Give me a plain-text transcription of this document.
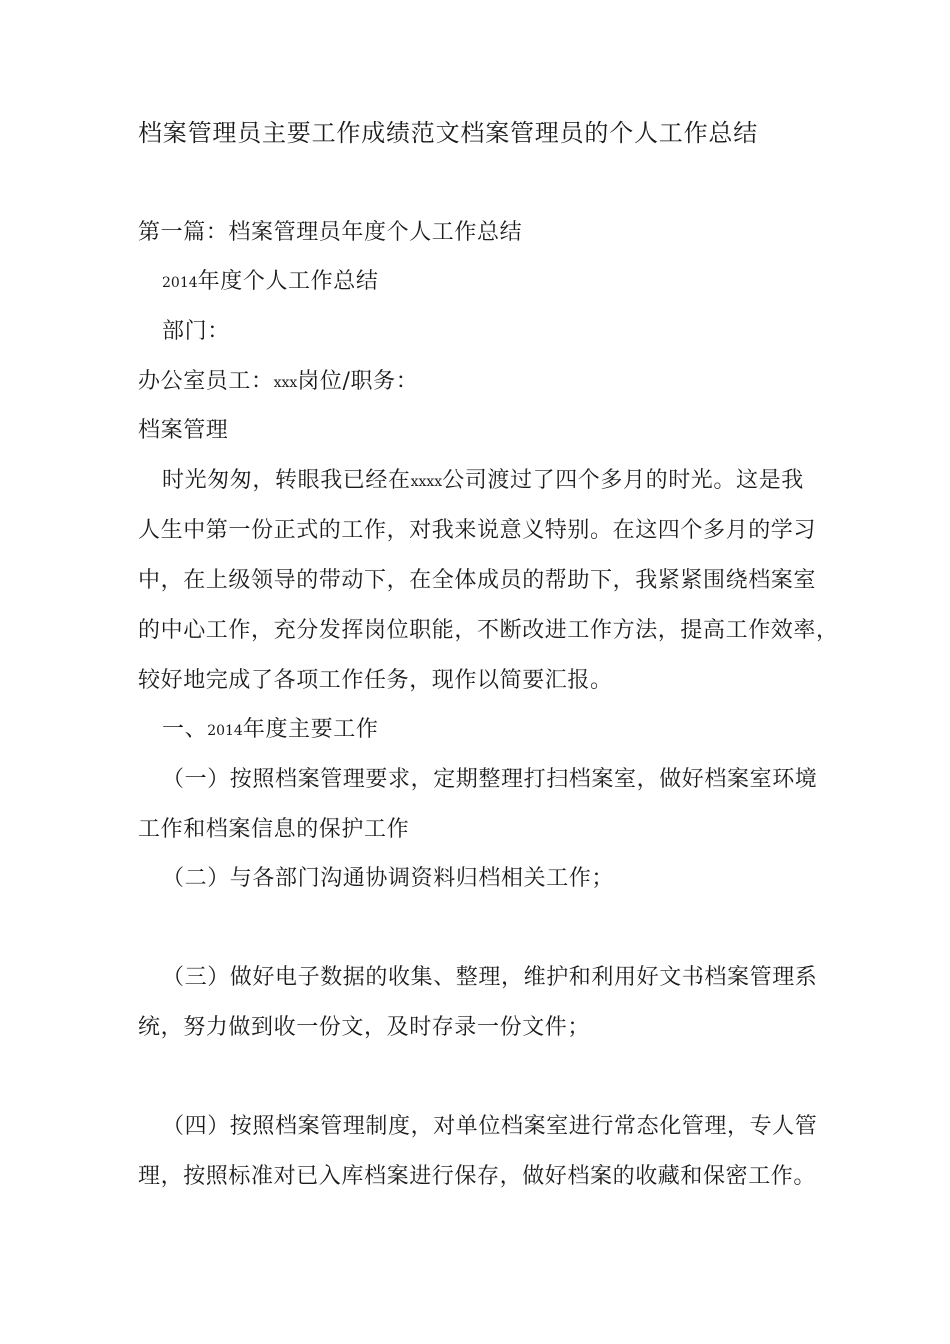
档案管理员主要工作成绩范文档案管理员的个人工作总结
第一篇：档案管理员年度个人工作总结
2014年度个人工作总结
部门：
办公室员工：xxx岗位/职务：
档案管理
时光匆匆，转眼我已经在xxxx公司渡过了四个多月的时光。这是我
人生中第一份正式的工作，对我来说意义特别。在这四个多月的学习
中，在上级领导的带动下，在全体成员的帮助下，我紧紧围绕档案室
的中心工作，充分发挥岗位职能，不断改进工作方法，提高工作效率，
较好地完成了各项工作任务，现作以简要汇报。
一、2014年度主要工作
（一）按照档案管理要求，定期整理打扫档案室，做好档案室环境
工作和档案信息的保护工作
（二）与各部门沟通协调资料归档相关工作；
（三）做好电子数据的收集、整理，维护和利用好文书档案管理系
统，努力做到收一份文，及时存录一份文件；
（四）按照档案管理制度，对单位档案室进行常态化管理，专人管
理，按照标准对已入库档案进行保存，做好档案的收藏和保密工作。
